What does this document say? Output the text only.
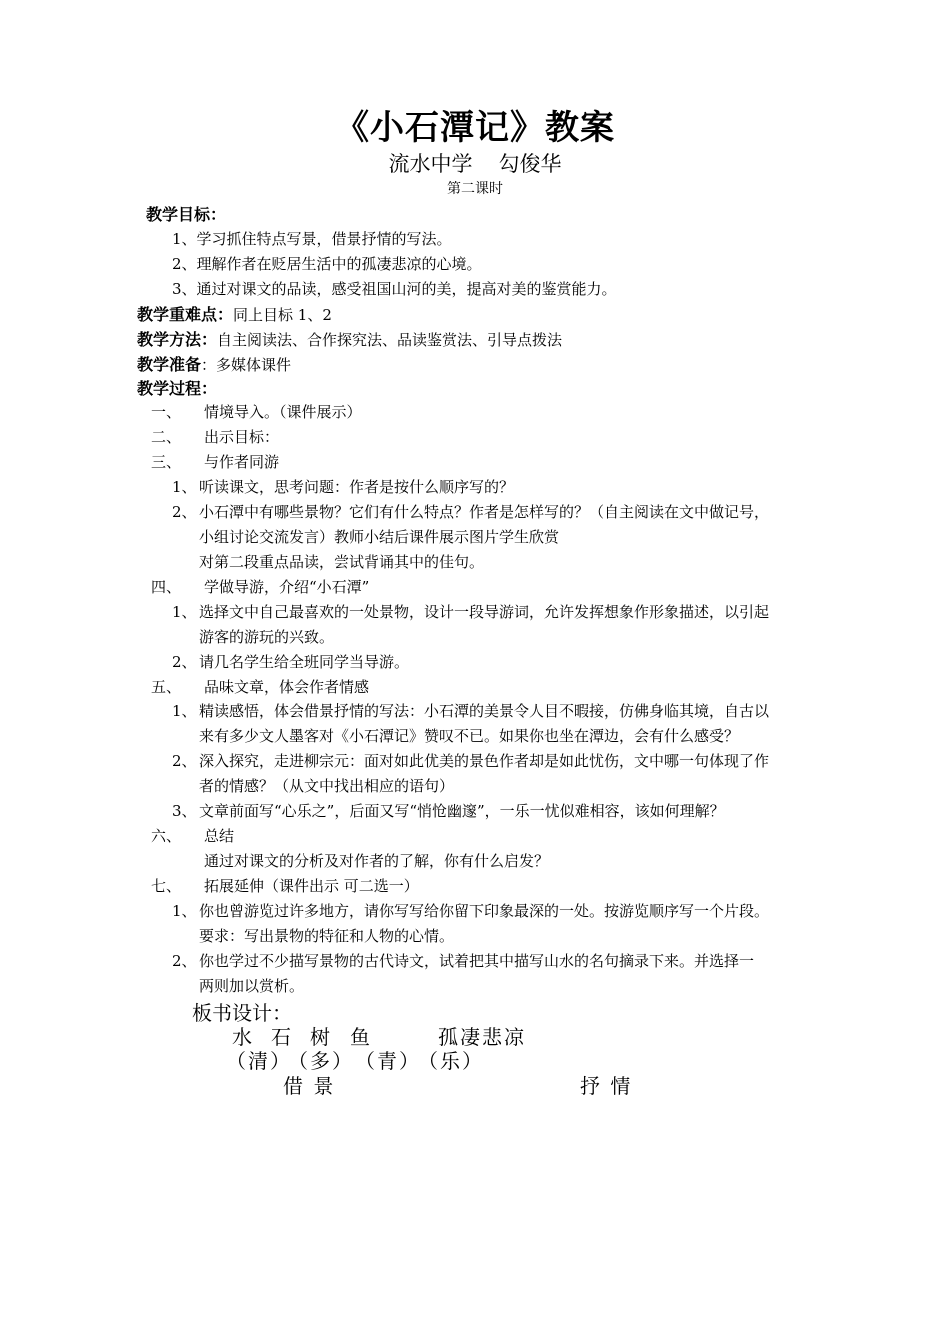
《小石潭记》教案
流水中学 勾俊华
第二课时
教学目标：
1、学习抓住特点写景，借景抒情的写法。
2、理解作者在贬居生活中的孤凄悲凉的心境。
3、通过对课文的品读，感受祖国山河的美，提高对美的鉴赏能力。
教学重难点：同上目标 1、2
教学方法：自主阅读法、合作探究法、品读鉴赏法、引导点拨法
教学准备：多媒体课件
教学过程：
一、 情境导入。（课件展示）
二、 出示目标：
三、 与作者同游
1、 听读课文，思考问题：作者是按什么顺序写的？
2、 小石潭中有哪些景物？它们有什么特点？作者是怎样写的？（自主阅读在文中做记号，
小组讨论交流发言）教师小结后课件展示图片学生欣赏
对第二段重点品读，尝试背诵其中的佳句。
四、 学做导游，介绍“小石潭”
1、 选择文中自己最喜欢的一处景物，设计一段导游词，允许发挥想象作形象描述，以引起
游客的游玩的兴致。
2、 请几名学生给全班同学当导游。
五、 品味文章，体会作者情感
1、 精读感悟，体会借景抒情的写法：小石潭的美景令人目不暇接，仿佛身临其境，自古以
来有多少文人墨客对《小石潭记》赞叹不已。如果你也坐在潭边，会有什么感受？
2、 深入探究，走进柳宗元：面对如此优美的景色作者却是如此忧伤，文中哪一句体现了作
者的情感？（从文中找出相应的语句）
3、 文章前面写“心乐之”，后面又写“悄怆幽邃”，一乐一忧似难相容，该如何理解？
六、 总结
通过对课文的分析及对作者的了解，你有什么启发？
七、 拓展延伸（课件出示 可二选一）
1、 你也曾游览过许多地方，请你写写给你留下印象最深的一处。按游览顺序写一个片段。
要求：写出景物的特征和人物的心情。
2、 你也学过不少描写景物的古代诗文，试着把其中描写山水的名句摘录下来。并选择一
两则加以赏析。
板书设计：
水 石 树 鱼	孤凄悲凉
（清）
（多） （青）
（乐）
借 景	抒 情
